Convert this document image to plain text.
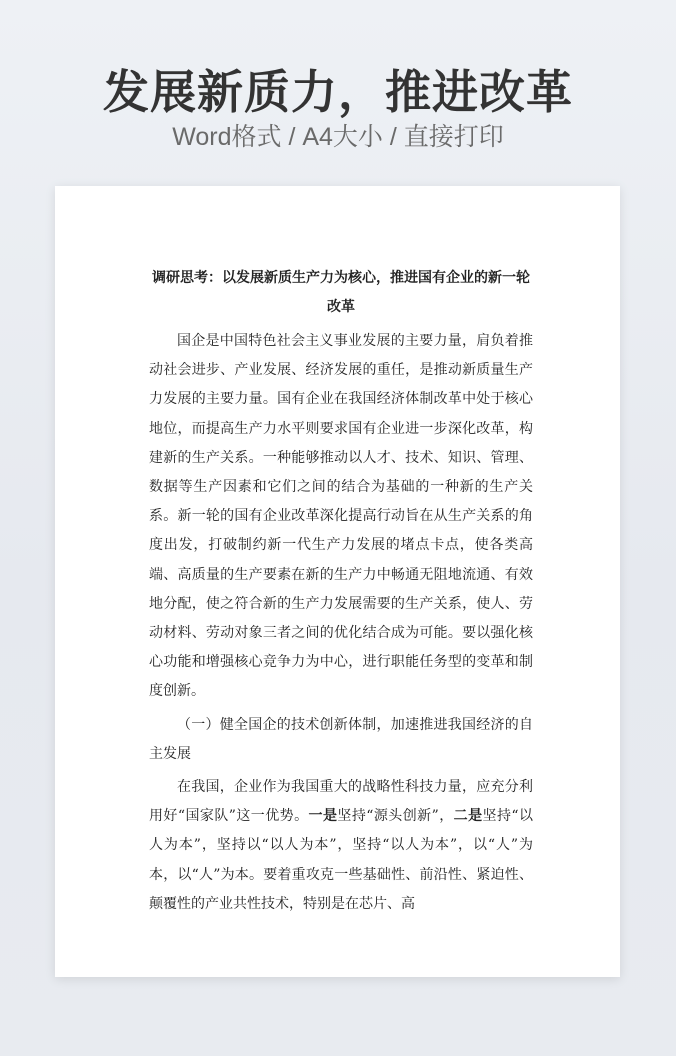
发展新质力，推进改革
Word格式 / A4大小 / 直接打印
调研思考：以发展新质生产力为核心，推进国有企业的新一轮改革

国企是中国特色社会主义事业发展的主要力量，肩负着推动社会进步、产业发展、经济发展的重任，是推动新质量生产力发展的主要力量。国有企业在我国经济体制改革中处于核心地位，而提高生产力水平则要求国有企业进一步深化改革，构建新的生产关系。一种能够推动以人才、技术、知识、管理、数据等生产因素和它们之间的结合为基础的一种新的生产关系。新一轮的国有企业改革深化提高行动旨在从生产关系的角度出发，打破制约新一代生产力发展的堵点卡点，使各类高端、高质量的生产要素在新的生产力中畅通无阻地流通、有效地分配，使之符合新的生产力发展需要的生产关系，使人、劳动材料、劳动对象三者之间的优化结合成为可能。要以强化核心功能和增强核心竞争力为中心，进行职能任务型的变革和制度创新。

（一）健全国企的技术创新体制，加速推进我国经济的自主发展

在我国，企业作为我国重大的战略性科技力量，应充分利用好“国家队”这一优势。一是坚持“源头创新”，二是坚持“以人为本”，坚持以“以人为本”，坚持“以人为本”，以“人”为本，以“人”为本。要着重攻克一些基础性、前沿性、紧迫性、颠覆性的产业共性技术，特别是在芯片、高
